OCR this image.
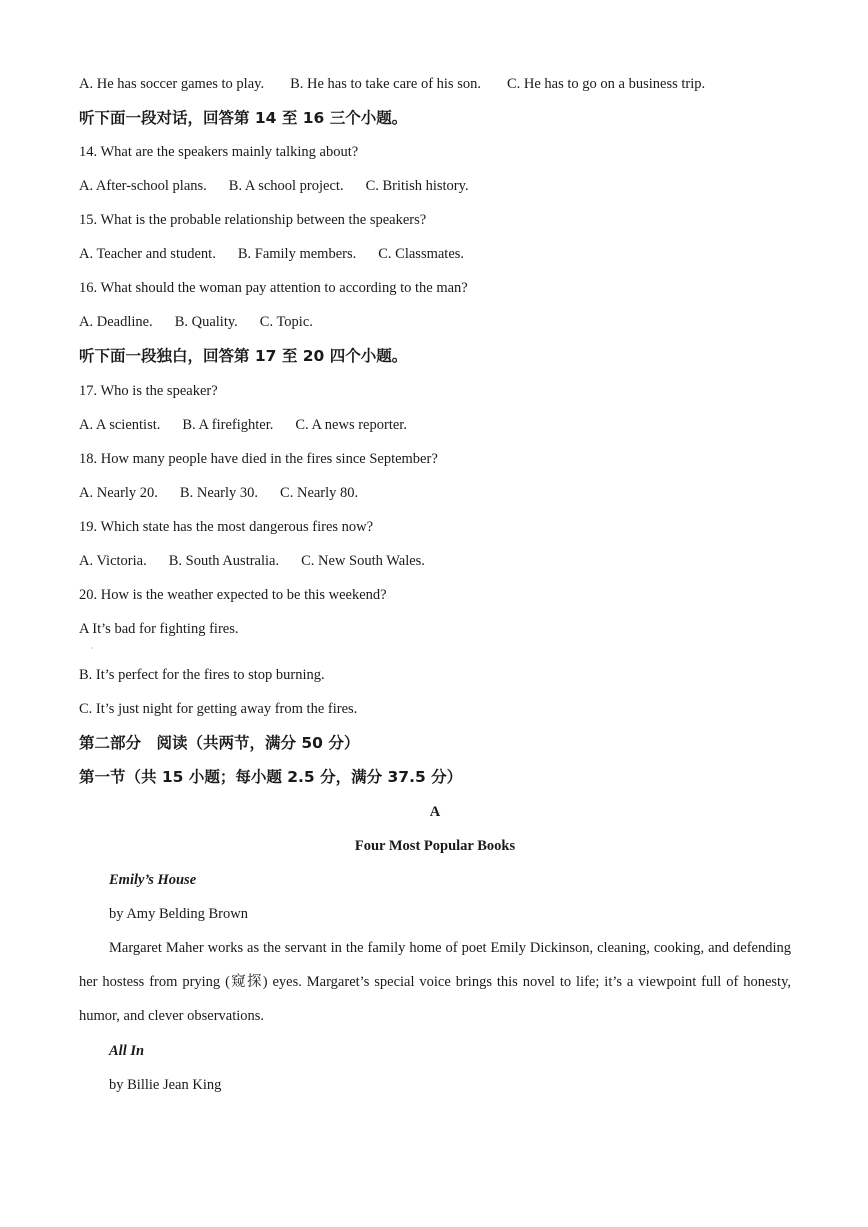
A. He has soccer games to play. B. He has to take care of his son. C. He has to go on a business trip.
听下面一段对话，回答第 14 至 16 三个小题。
14. What are the speakers mainly talking about?
A. After-school plans. B. A school project. C. British history.
15. What is the probable relationship between the speakers?
A. Teacher and student. B. Family members. C. Classmates.
16. What should the woman pay attention to according to the man?
A. Deadline. B. Quality. C. Topic.
听下面一段独白，回答第 17 至 20 四个小题。
17. Who is the speaker?
A. A scientist. B. A firefighter. C. A news reporter.
18. How many people have died in the fires since September?
A. Nearly 20. B. Nearly 30. C. Nearly 80.
19. Which state has the most dangerous fires now?
A. Victoria. B. South Australia. C. New South Wales.
20. How is the weather expected to be this weekend?
A It’s bad for fighting fires.
·
B. It’s perfect for the fires to stop burning.
C. It’s just night for getting away from the fires.
第二部分　阅读（共两节，满分 50 分）
第一节（共 15 小题；每小题 2.5 分，满分 37.5 分）
A
Four Most Popular Books
Emily’s House
by Amy Belding Brown
Margaret Maher works as the servant in the family home of poet Emily Dickinson, cleaning, cooking, and defending her hostess from prying (窥探) eyes. Margaret’s special voice brings this novel to life; it’s a viewpoint full of honesty, humor, and clever observations.
All In
by Billie Jean King
